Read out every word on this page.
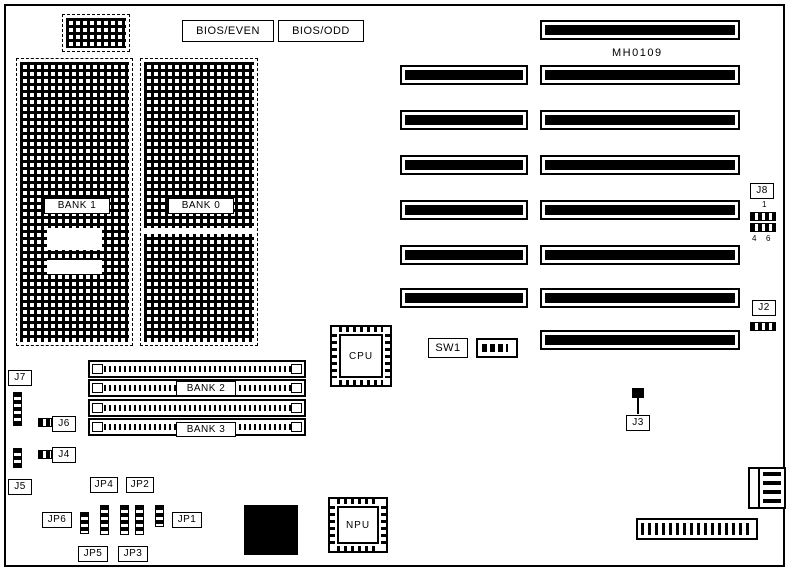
BIOS/EVEN	BIOS/ODD
MH0109
BANK 1	BANK 0
BANK 2
BANK 3
CPU
NPU
SW1
J8
1
4 6
J2
J3
J7
J6
J4
J5	JP4	JP2
JP6	JP1
JP5	JP3
